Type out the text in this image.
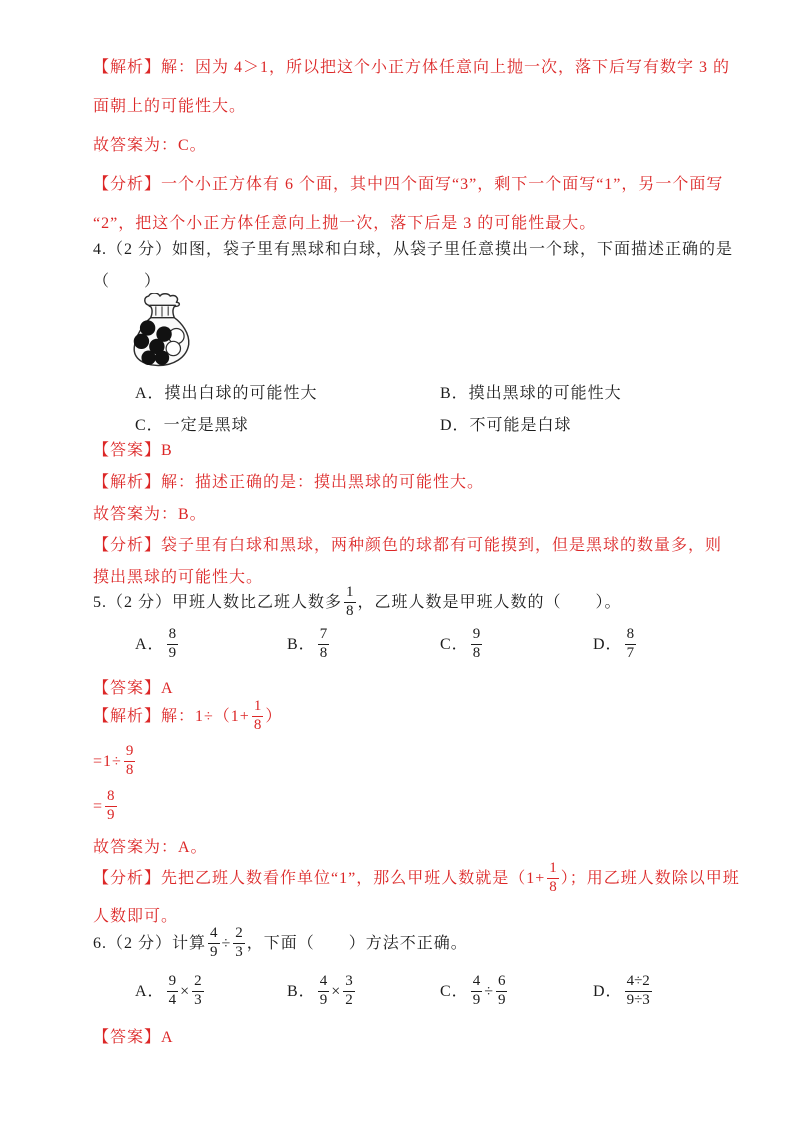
【解析】解：因为 4＞1，所以把这个小正方体任意向上抛一次，落下后写有数字 3 的
面朝上的可能性大。
故答案为：C。
【分析】一个小正方体有 6 个面，其中四个面写“3”，剩下一个面写“1”，另一个面写
“2”，把这个小正方体任意向上抛一次，落下后是 3 的可能性最大。
4.（2 分）如图，袋子里有黑球和白球，从袋子里任意摸出一个球，下面描述正确的是
（　　）
A．摸出白球的可能性大	B．摸出黑球的可能性大
C．一定是黑球	D．不可能是白球
【答案】B
【解析】解：描述正确的是：摸出黑球的可能性大。
故答案为：B。
【分析】袋子里有白球和黑球，两种颜色的球都有可能摸到，但是黑球的数量多，则
摸出黑球的可能性大。
5.（2 分）甲班人数比乙班人数多 $\frac{1}{8}$ ，乙班人数是甲班人数的（　　）。
A． $\frac{8}{9}$	B． $\frac{7}{8}$	C． $\frac{9}{8}$	D． $\frac{8}{7}$
【答案】A
【解析】解：$1\div(1+ \frac{1}{8}$ ）
$=1\div \frac{9}{8}$
= $\frac{8}{9}$
故答案为：A。
【分析】先把乙班人数看作单位“1”，那么甲班人数就是（$1+ \frac{1}{8}$ ）；用乙班人数除以甲班
人数即可。
6.（2 分）计算 $\frac{4}{9} \div \frac{2}{3}$ ，下面（　　）方法不正确。
A． $\frac{9}{4} \times \frac{2}{3}$	B． $\frac{4}{9} \times \frac{3}{2}$	C． $\frac{4}{9} \div \frac{6}{9}$	D． $\frac{4\div 2}{9\div 3}$
【答案】A
